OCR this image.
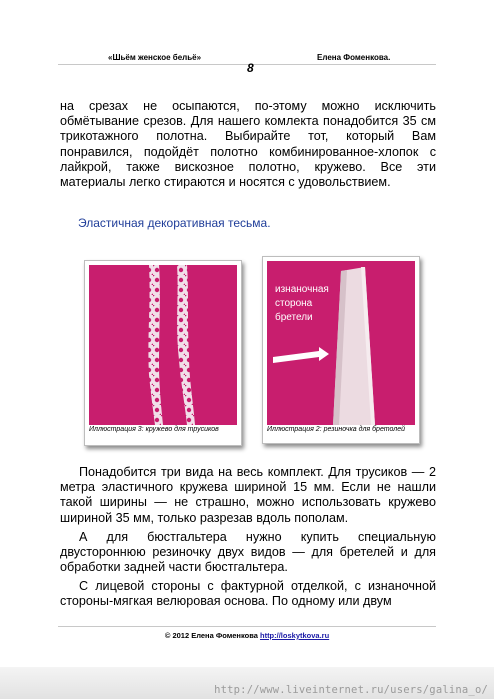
«Шьём женское бельё»	Елена Фоменкова.
8
на срезах не осыпаются, по-этому можно исключить обмётывание срезов. Для нашего комлекта понадобится 35 см трикотажного полотна. Выбирайте тот, который Вам понравился, подойдёт полотно комбинированное-хлопок с лайкрой, также вискозное полотно, кружево. Все эти материалы легко стираются и носятся с удовольствием.
Эластичная декоративная тесьма.
Иллюстрация 3: кружево для трусиков
изнаночная сторона бретели
Иллюстрация 2: резиночка для бретолей
Понадобится три вида на весь комплект. Для трусиков — 2 метра эластичного кружева шириной 15 мм. Если не нашли такой ширины — не страшно, можно использовать кружево шириной 35 мм, только разрезав вдоль пополам.
А для бюстгальтера нужно купить специальную двустороннюю резиночку двух видов — для бретелей и для обработки задней части бюстгальтера.
С лицевой стороны с фактурной отделкой, с изнаночной стороны-мягкая велюровая основа. По одному или двум
© 2012 Елена Фоменкова http://loskytkova.ru
http://www.liveinternet.ru/users/galina_o/
